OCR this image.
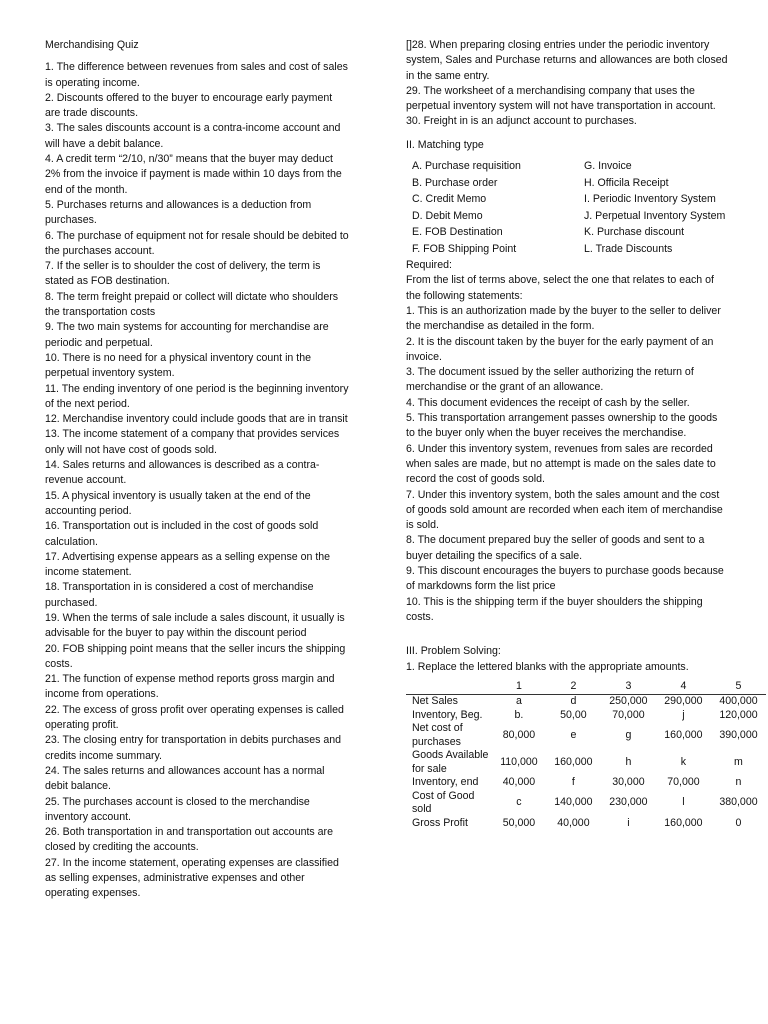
Merchandising Quiz
1. The difference between revenues from sales and cost of sales is operating income.
2. Discounts offered to the buyer to encourage early payment are trade discounts.
3. The sales discounts account is a contra-income account and will have a debit balance.
4. A credit term “2/10, n/30” means that the buyer may deduct 2% from the invoice if payment is made within 10 days from the end of the month.
5. Purchases returns and allowances is a deduction from purchases.
6. The purchase of equipment not for resale should be debited to the purchases account.
7. If the seller is to shoulder the cost of delivery, the term is stated as FOB destination.
8. The term freight prepaid or collect will dictate who shoulders the transportation costs
9. The two main systems for accounting for merchandise are periodic and perpetual.
10. There is no need for a physical inventory count in the perpetual inventory system.
11. The ending inventory of one period is the beginning inventory of the next period.
12. Merchandise inventory could include goods that are in transit
13. The income statement of a company that provides services only will not have cost of goods sold.
14. Sales returns and allowances is described as a contra-revenue account.
15. A physical inventory is usually taken at the end of the accounting period.
16. Transportation out is included in the cost of goods sold calculation.
17. Advertising expense appears as a selling expense on the income statement.
18. Transportation in is considered a cost of merchandise purchased.
19. When the terms of sale include a sales discount, it usually is advisable for the buyer to pay within the discount period
20. FOB shipping point means that the seller incurs the shipping costs.
21. The function of expense method reports gross margin and income from operations.
22. The excess of gross profit over operating expenses is called operating profit.
23. The closing entry for transportation in debits purchases and credits income summary.
24. The sales returns and allowances account has a normal debit balance.
25. The purchases account is closed to the merchandise inventory account.
26. Both transportation in and transportation out accounts are closed by crediting the accounts.
27. In the income statement, operating expenses are classified as selling expenses, administrative expenses and other operating expenses.
[]28. When preparing closing entries under the periodic inventory system, Sales and Purchase returns and allowances are both closed in the same entry.
29. The worksheet of a merchandising company that uses the perpetual inventory system will not have transportation in account.
30. Freight in is an adjunct account to purchases.
II. Matching type
A. Purchase requisition	G. Invoice
B. Purchase order	H. Officila Receipt
C. Credit Memo	I. Periodic Inventory System
D. Debit Memo	J. Perpetual Inventory System
E. FOB Destination	K. Purchase discount
F. FOB Shipping Point	L. Trade Discounts
Required:
From the list of terms above, select the one that relates to each of the following statements:
1. This is an authorization made by the buyer to the seller to deliver the merchandise as detailed in the form.
2. It is the discount taken by the buyer for the early payment of an invoice.
3. The document issued by the seller authorizing the return of merchandise or the grant of an allowance.
4. This document evidences the receipt of cash by the seller.
5. This transportation arrangement passes ownership to the goods to the buyer only when the buyer receives the merchandise.
6. Under this inventory system, revenues from sales are recorded when sales are made, but no attempt is made on the sales date to record the cost of goods sold.
7. Under this inventory system, both the sales amount and the cost of goods sold amount are recorded when each item of merchandise is sold.
8. The document prepared buy the seller of goods and sent to a buyer detailing the specifics of a sale.
9. This discount encourages the buyers to purchase goods because of markdowns form the list price
10. This is the shipping term if the buyer shoulders the shipping costs.
III. Problem Solving:
1. Replace the lettered blanks with the appropriate amounts.
	1	2	3	4	5
Net Sales	a	d	250,000	290,000	400,000
Inventory, Beg.	b.	50,00	70,000	j	120,000
Net cost of purchases	80,000	e	g	160,000	390,000
Goods Available for sale	110,000	160,000	h	k	m
Inventory, end	40,000	f	30,000	70,000	n
Cost of Good sold	c	140,000	230,000	l	380,000
Gross Profit	50,000	40,000	i	160,000	0
